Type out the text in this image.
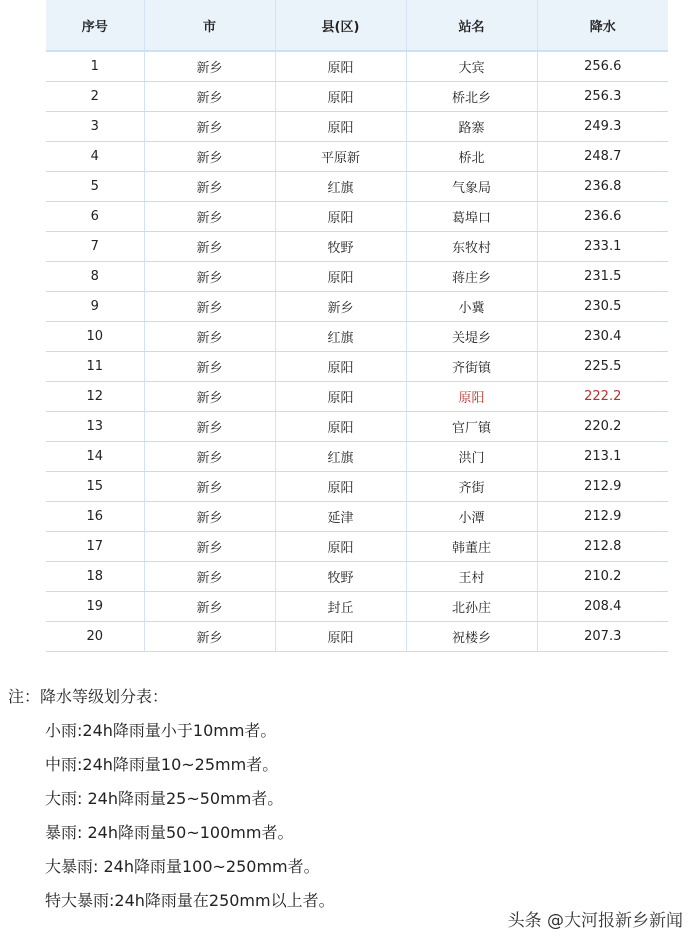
序号	市	县(区)	站名	降水
1	新乡	原阳	大宾	256.6
2	新乡	原阳	桥北乡	256.3
3	新乡	原阳	路寨	249.3
4	新乡	平原新	桥北	248.7
5	新乡	红旗	气象局	236.8
6	新乡	原阳	葛埠口	236.6
7	新乡	牧野	东牧村	233.1
8	新乡	原阳	蒋庄乡	231.5
9	新乡	新乡	小冀	230.5
10	新乡	红旗	关堤乡	230.4
11	新乡	原阳	齐街镇	225.5
12	新乡	原阳	原阳	222.2
13	新乡	原阳	官厂镇	220.2
14	新乡	红旗	洪门	213.1
15	新乡	原阳	齐街	212.9
16	新乡	延津	小潭	212.9
17	新乡	原阳	韩董庄	212.8
18	新乡	牧野	王村	210.2
19	新乡	封丘	北孙庄	208.4
20	新乡	原阳	祝楼乡	207.3
注：降水等级划分表：
小雨:24h降雨量小于10mm者。
中雨:24h降雨量10~25mm者。
大雨: 24h降雨量25~50mm者。
暴雨: 24h降雨量50~100mm者。
大暴雨: 24h降雨量100~250mm者。
特大暴雨:24h降雨量在250mm以上者。
头条 @大河报新乡新闻
